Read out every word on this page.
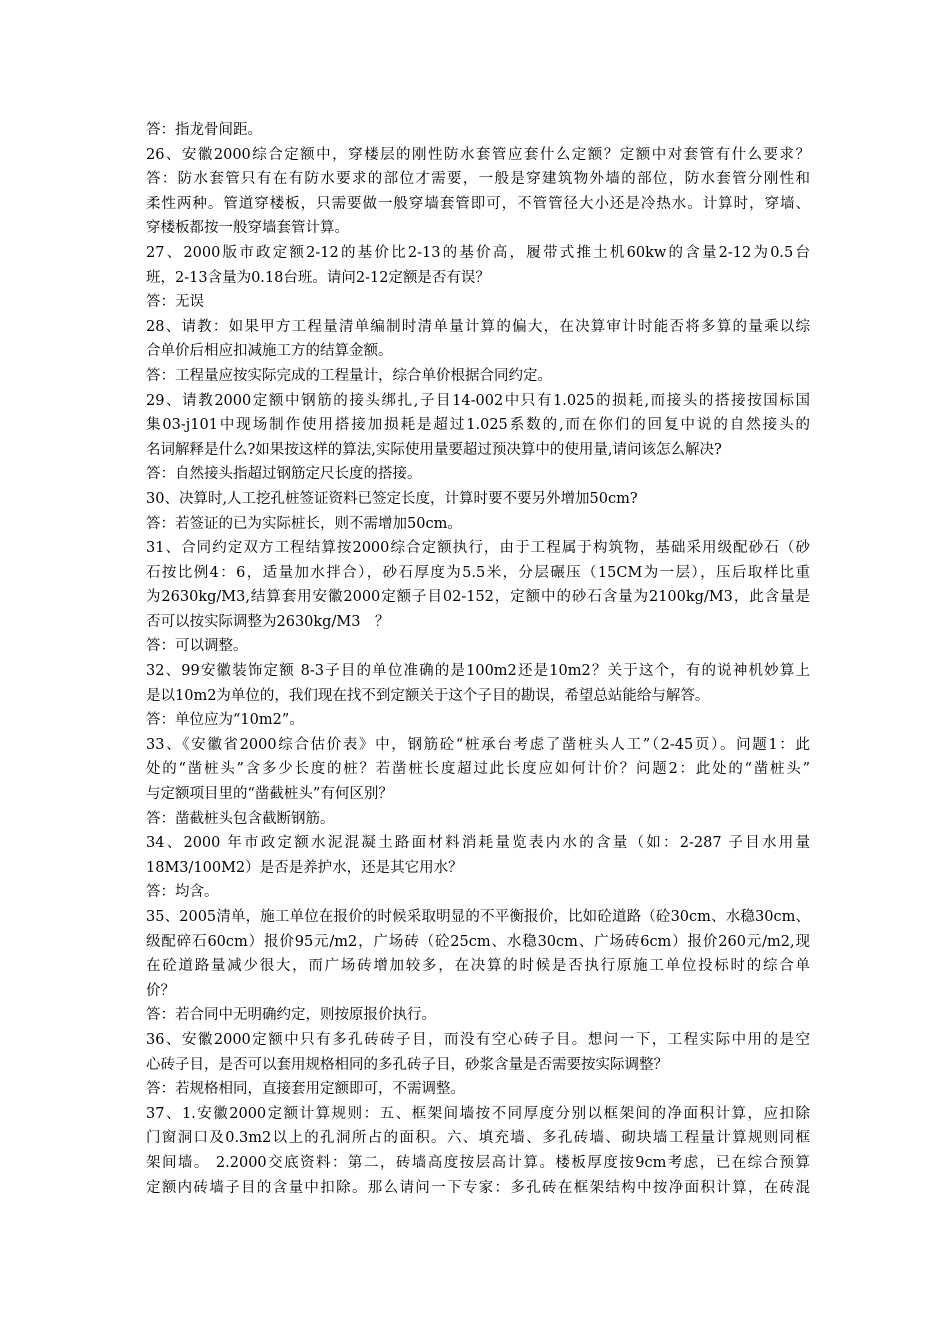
答：指龙骨间距。
26、安徽2000综合定额中，穿楼层的刚性防水套管应套什么定额？定额中对套管有什么要求？
答：防水套管只有在有防水要求的部位才需要，一般是穿建筑物外墙的部位，防水套管分刚性和
柔性两种。管道穿楼板，只需要做一般穿墙套管即可，不管管径大小还是冷热水。计算时，穿墙、
穿楼板都按一般穿墙套管计算。
27、2000版市政定额2-12的基价比2-13的基价高，履带式推土机60kw的含量2-12为0.5台
班，2-13含量为0.18台班。请问2-12定额是否有误？
答：无误
28、请教：如果甲方工程量清单编制时清单量计算的偏大，在决算审计时能否将多算的量乘以综
合单价后相应扣减施工方的结算金额。
答：工程量应按实际完成的工程量计，综合单价根据合同约定。
29、请教2000定额中钢筋的接头绑扎,子目14-002中只有1.025的损耗,而接头的搭接按国标国
集03-j101中现场制作使用搭接加损耗是超过1.025系数的,而在你们的回复中说的自然接头的
名词解释是什么?如果按这样的算法,实际使用量要超过预决算中的使用量,请问该怎么解决?
答：自然接头指超过钢筋定尺长度的搭接。
30、决算时,人工挖孔桩签证资料已签定长度，计算时要不要另外增加50cm?
答：若签证的已为实际桩长，则不需增加50cm。
31、合同约定双方工程结算按2000综合定额执行，由于工程属于构筑物，基础采用级配砂石（砂
石按比例4：6，适量加水拌合），砂石厚度为5.5米，分层碾压（15CM为一层），压后取样比重
为2630kg/M3,结算套用安徽2000定额子目02-152，定额中的砂石含量为2100kg/M3，此含量是
否可以按实际调整为2630kg/M3　？
答：可以调整。
32、99安徽装饰定额 8-3子目的单位准确的是100m2还是10m2？关于这个，有的说神机妙算上
是以10m2为单位的，我们现在找不到定额关于这个子目的勘误，希望总站能给与解答。
答：单位应为“10m2”。
33、《安徽省2000综合估价表》中，钢筋砼“桩承台考虑了凿桩头人工”（2-45页）。问题1：此
处的“凿桩头”含多少长度的桩？若凿桩长度超过此长度应如何计价？问题2：此处的“凿桩头”
与定额项目里的“凿截桩头”有何区别？
答：凿截桩头包含截断钢筋。
34、2000 年市政定额水泥混凝土路面材料消耗量览表内水的含量（如：2-287 子目水用量
18M3/100M2）是否是养护水，还是其它用水？
答：均含。
35、2005清单，施工单位在报价的时候采取明显的不平衡报价，比如砼道路（砼30cm、水稳30cm、
级配碎石60cm）报价95元/m2，广场砖（砼25cm、水稳30cm、广场砖6cm）报价260元/m2,现
在砼道路量减少很大，而广场砖增加较多，在决算的时候是否执行原施工单位投标时的综合单
价？
答：若合同中无明确约定，则按原报价执行。
36、安徽2000定额中只有多孔砖砖子目，而没有空心砖子目。想问一下，工程实际中用的是空
心砖子目，是否可以套用规格相同的多孔砖子目，砂浆含量是否需要按实际调整？
答：若规格相同，直接套用定额即可，不需调整。
37、1.安徽2000定额计算规则：五、框架间墙按不同厚度分别以框架间的净面积计算，应扣除
门窗洞口及0.3m2以上的孔洞所占的面积。六、填充墙、多孔砖墙、砌块墙工程量计算规则同框
架间墙。 2.2000交底资料：第二，砖墙高度按层高计算。楼板厚度按9cm考虑，已在综合预算
定额内砖墙子目的含量中扣除。那么请问一下专家：多孔砖在框架结构中按净面积计算，在砖混
